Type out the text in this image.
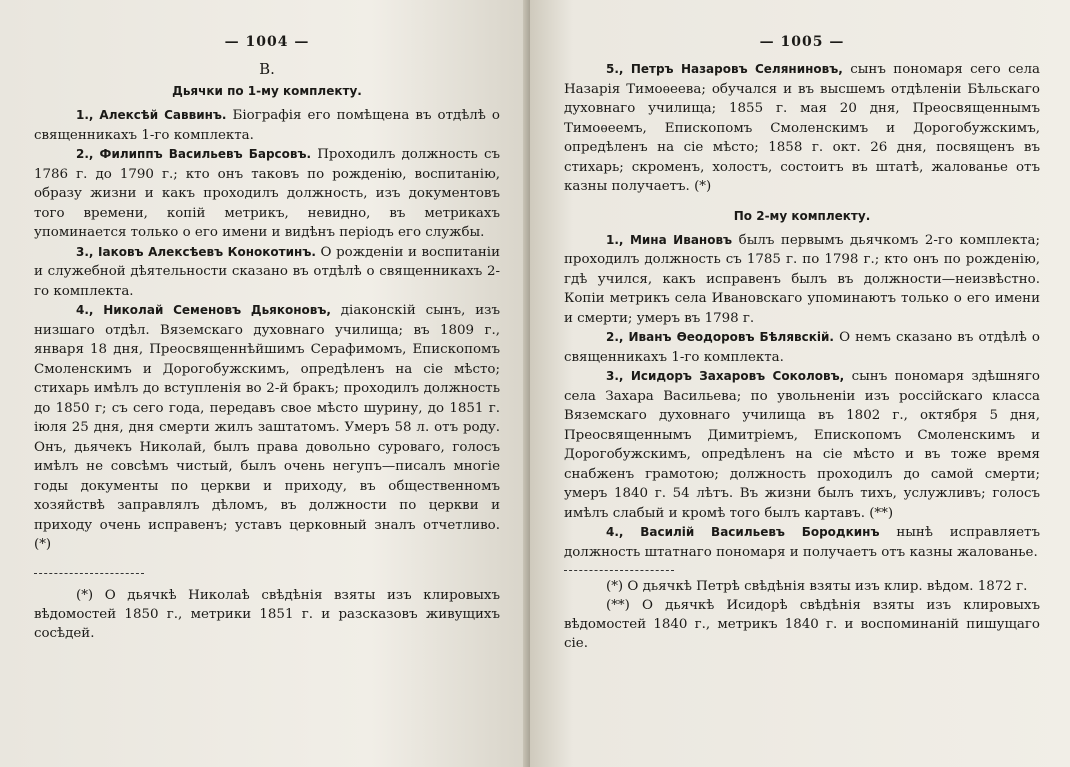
— 1004 —
В.
Дьячки по 1-му комплекту.

1., Алексѣй Саввинъ. Біографія его помѣщена въ отдѣлѣ о священникахъ 1-го комплекта.

2., Филиппъ Васильевъ Барсовъ. Проходилъ должность съ 1786 г. до 1790 г.; кто онъ таковъ по рожденію, воспитанію, образу жизни и какъ проходилъ должность, изъ документовъ того времени, копій метрикъ, невидно, въ метрикахъ упоминается только о его имени и видѣнъ періодъ его службы.

3., Іаковъ Алексѣевъ Конокотинъ. О рожденіи и воспитаніи и служебной дѣятельности сказано въ отдѣлѣ о священникахъ 2-го комплекта.

4., Николай Семеновъ Дьяконовъ, діаконскій сынъ, изъ низшаго отдѣл. Вяземскаго духовнаго училища; въ 1809 г., января 18 дня, Преосвященнѣйшимъ Серафимомъ, Епископомъ Смоленскимъ и Дорогобужскимъ, опредѣленъ на сіе мѣсто; стихарь имѣлъ до вступленія во 2-й бракъ; проходилъ должность до 1850 г; съ сего года, передавъ свое мѣсто шурину, до 1851 г. іюля 25 дня, дня смерти жилъ заштатомъ. Умеръ 58 л. отъ роду. Онъ, дьячекъ Николай, былъ права довольно суроваго, голосъ имѣлъ не совсѣмъ чистый, былъ очень негупъ—писалъ многіе годы документы по церкви и приходу, въ общественномъ хозяйствѣ заправлялъ дѣломъ, въ должности по церкви и приходу очень исправенъ; уставъ церковный зналъ отчетливо. (*)

(*) О дьячкѣ Николаѣ свѣдѣнія взяты изъ клировыхъ вѣдомостей 1850 г., метрики 1851 г. и разсказовъ живущихъ сосѣдей.

— 1005 —

5., Петръ Назаровъ Селяниновъ, сынъ пономаря сего села Назарія Тимоѳеева; обучался и въ высшемъ отдѣленіи Бѣльскаго духовнаго училища; 1855 г. мая 20 дня, Преосвященнымъ Тимоѳеемъ, Епископомъ Смоленскимъ и Дорогобужскимъ, опредѣленъ на сіе мѣсто; 1858 г. окт. 26 дня, посвященъ въ стихарь; скроменъ, холостъ, состоитъ въ штатѣ, жалованье отъ казны получаетъ. (*)

По 2-му комплекту.

1., Мина Ивановъ былъ первымъ дьячкомъ 2-го комплекта; проходилъ должность съ 1785 г. по 1798 г.; кто онъ по рожденію, гдѣ учился, какъ исправенъ былъ въ должности—неизвѣстно. Копіи метрикъ села Ивановскаго упоминаютъ только о его имени и смерти; умеръ въ 1798 г.

2., Иванъ Ѳеодоровъ Бѣлявскій. О немъ сказано въ отдѣлѣ о священникахъ 1-го комплекта.

3., Исидоръ Захаровъ Соколовъ, сынъ пономаря здѣшняго села Захара Васильева; по увольненіи изъ россійскаго класса Вяземскаго духовнаго училища въ 1802 г., октября 5 дня, Преосвященнымъ Димитріемъ, Епископомъ Смоленскимъ и Дорогобужскимъ, опредѣленъ на сіе мѣсто и въ тоже время снабженъ грамотою; должность проходилъ до самой смерти; умеръ 1840 г. 54 лѣтъ. Въ жизни былъ тихъ, услужливъ; голосъ имѣлъ слабый и кромѣ того былъ картавъ. (**)

4., Василій Васильевъ Бородкинъ нынѣ исправляетъ должность штатнаго пономаря и получаетъ отъ казны жалованье.

(*) О дьячкѣ Петрѣ свѣдѣнія взяты изъ клир. вѣдом. 1872 г.

(**) О дьячкѣ Исидорѣ свѣдѣнія взяты изъ клировыхъ вѣдомостей 1840 г., метрикъ 1840 г. и воспоминаній пишущаго сіе.
